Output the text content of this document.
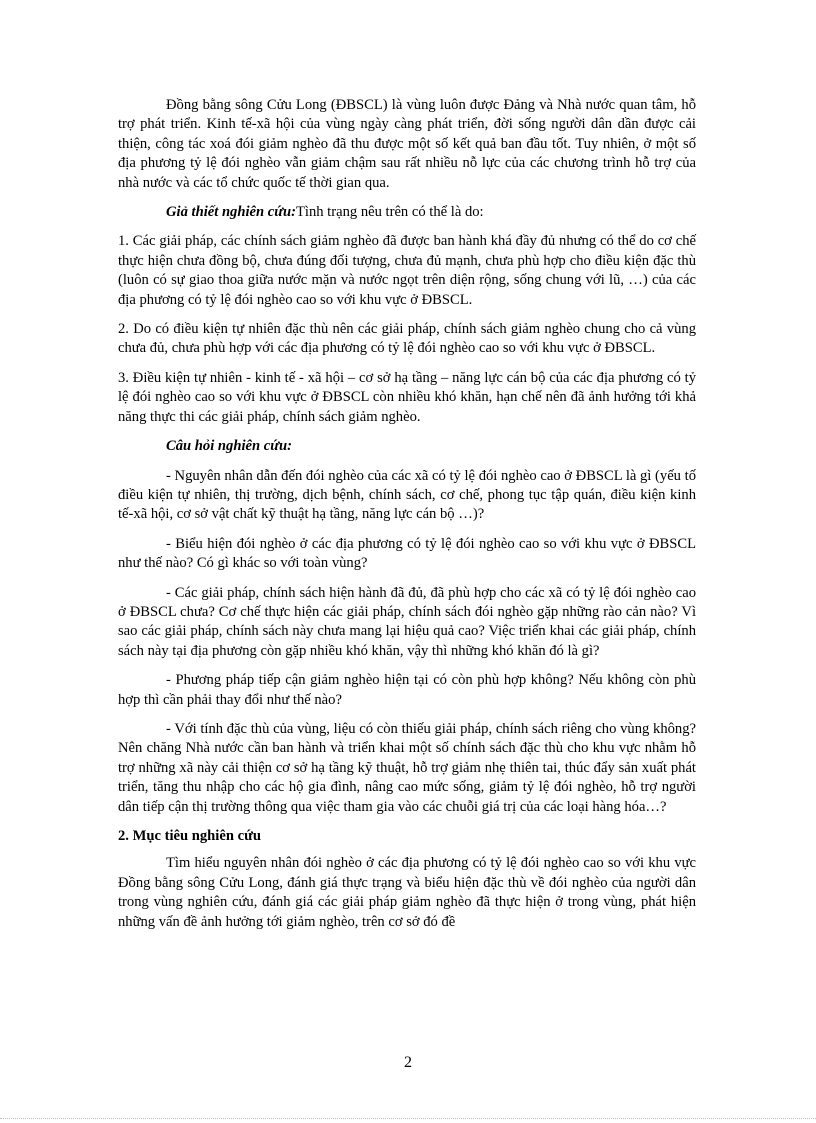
Đồng bằng sông Cửu Long (ĐBSCL) là vùng luôn được Đảng và Nhà nước quan tâm, hỗ trợ phát triển. Kinh tế-xã hội của vùng ngày càng phát triển, đời sống người dân dần được cải thiện, công tác xoá đói giảm nghèo đã thu được một số kết quả ban đầu tốt. Tuy nhiên, ở một số địa phương tỷ lệ đói nghèo vẫn giảm chậm sau rất nhiều nỗ lực của các chương trình hỗ trợ của nhà nước và các tổ chức quốc tế thời gian qua.

Giả thiết nghiên cứu:Tình trạng nêu trên có thể là do:

1. Các giải pháp, các chính sách giảm nghèo đã được ban hành khá đầy đủ nhưng có thể do cơ chế thực hiện chưa đồng bộ, chưa đúng đối tượng, chưa đủ mạnh, chưa phù hợp cho điều kiện đặc thù (luôn có sự giao thoa giữa nước mặn và nước ngọt trên diện rộng, sống chung với lũ, …) của các địa phương có tỷ lệ đói nghèo cao so với khu vực ở ĐBSCL.

2. Do có điều kiện tự nhiên đặc thù nên các giải pháp, chính sách giảm nghèo chung cho cả vùng chưa đủ, chưa phù hợp với các địa phương có tỷ lệ đói nghèo cao so với khu vực ở ĐBSCL.

3. Điều kiện tự nhiên - kinh tế - xã hội – cơ sở hạ tầng – năng lực cán bộ của các địa phương có tỷ lệ đói nghèo cao so với khu vực ở ĐBSCL còn nhiều khó khăn, hạn chế nên đã ảnh hưởng tới khả năng thực thi các giải pháp, chính sách giảm nghèo.

Câu hỏi nghiên cứu:

- Nguyên nhân dẫn đến đói nghèo của các xã có tỷ lệ đói nghèo cao ở ĐBSCL là gì (yếu tố điều kiện tự nhiên, thị trường, dịch bệnh, chính sách, cơ chế, phong tục tập quán, điều kiện kinh tế-xã hội, cơ sở vật chất kỹ thuật hạ tầng, năng lực cán bộ …)?

- Biểu hiện đói nghèo ở các địa phương có tỷ lệ đói nghèo cao so với khu vực ở ĐBSCL như thế nào? Có gì khác so với toàn vùng?

- Các giải pháp, chính sách hiện hành đã đủ, đã phù hợp cho các xã có tỷ lệ đói nghèo cao ở ĐBSCL chưa? Cơ chế thực hiện các giải pháp, chính sách đói nghèo gặp những rào cản nào? Vì sao các giải pháp, chính sách này chưa mang lại hiệu quả cao? Việc triển khai các giải pháp, chính sách này tại địa phương còn gặp nhiều khó khăn, vậy thì những khó khăn đó là gì?

- Phương pháp tiếp cận giảm nghèo hiện tại có còn phù hợp không? Nếu không còn phù hợp thì cần phải thay đổi như thế nào?

- Với tính đặc thù của vùng, liệu có còn thiếu giải pháp, chính sách riêng cho vùng không? Nên chăng Nhà nước cần ban hành và triển khai một số chính sách đặc thù cho khu vực nhằm hỗ trợ những xã này cải thiện cơ sở hạ tầng kỹ thuật, hỗ trợ giảm nhẹ thiên tai, thúc đẩy sản xuất phát triển, tăng thu nhập cho các hộ gia đình, nâng cao mức sống, giảm tỷ lệ đói nghèo, hỗ trợ người dân tiếp cận thị trường thông qua việc tham gia vào các chuỗi giá trị của các loại hàng hóa…?

2. Mục tiêu nghiên cứu

Tìm hiểu nguyên nhân đói nghèo ở các địa phương có tỷ lệ đói nghèo cao so với khu vực Đồng bằng sông Cửu Long, đánh giá thực trạng và biểu hiện đặc thù về đói nghèo của người dân trong vùng nghiên cứu, đánh giá các giải pháp giảm nghèo đã thực hiện ở trong vùng, phát hiện những vấn đề ảnh hưởng tới giảm nghèo, trên cơ sở đó đề

2
